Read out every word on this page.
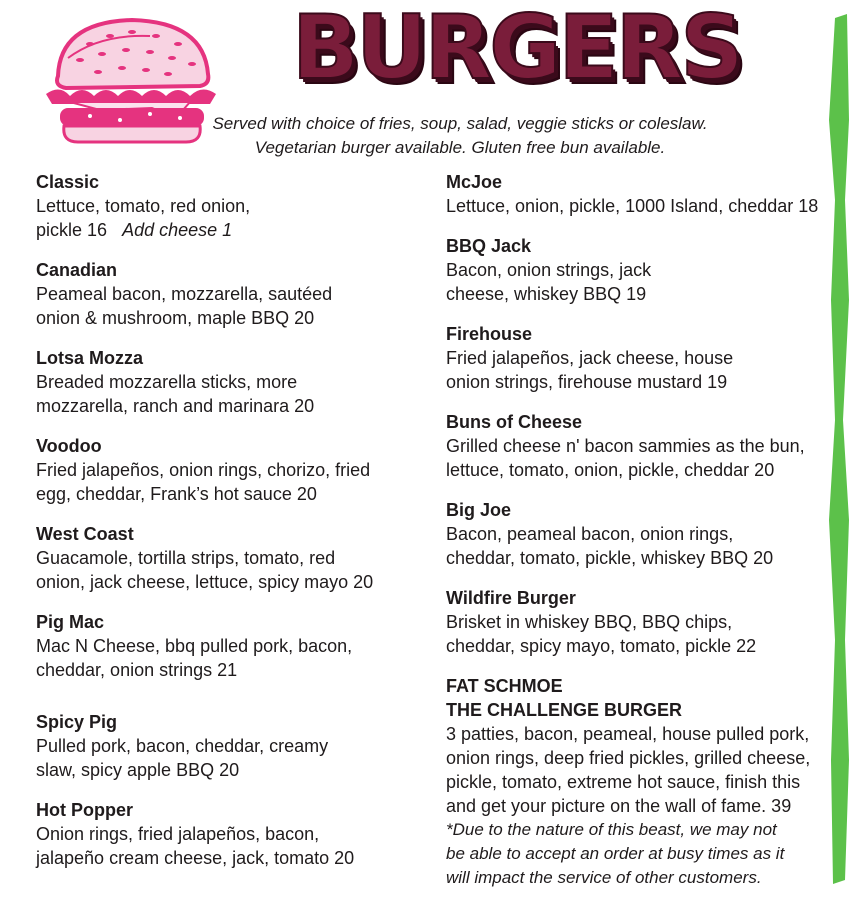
BURGERS
Served with choice of fries, soup, salad, veggie sticks or coleslaw.
Vegetarian burger available. Gluten free bun available.
Classic
Lettuce, tomato, red onion,
pickle 16 Add cheese 1
Canadian
Peameal bacon, mozzarella, sautéed
onion & mushroom, maple BBQ 20
Lotsa Mozza
Breaded mozzarella sticks, more
mozzarella, ranch and marinara 20
Voodoo
Fried jalapeños, onion rings, chorizo, fried
egg, cheddar, Frank’s hot sauce 20
West Coast
Guacamole, tortilla strips, tomato, red
onion, jack cheese, lettuce, spicy mayo 20
Pig Mac
Mac N Cheese, bbq pulled pork, bacon,
cheddar, onion strings 21
Spicy Pig
Pulled pork, bacon, cheddar, creamy
slaw, spicy apple BBQ 20
Hot Popper
Onion rings, fried jalapeños, bacon,
jalapeño cream cheese, jack, tomato 20
McJoe
Lettuce, onion, pickle, 1000 Island, cheddar 18
BBQ Jack
Bacon, onion strings, jack
cheese, whiskey BBQ 19
Firehouse
Fried jalapeños, jack cheese, house
onion strings, firehouse mustard 19
Buns of Cheese
Grilled cheese n' bacon sammies as the bun,
lettuce, tomato, onion, pickle, cheddar 20
Big Joe
Bacon, peameal bacon, onion rings,
cheddar, tomato, pickle, whiskey BBQ 20
Wildfire Burger
Brisket in whiskey BBQ, BBQ chips,
cheddar, spicy mayo, tomato, pickle 22
FAT SCHMOE
THE CHALLENGE BURGER
3 patties, bacon, peameal, house pulled pork,
onion rings, deep fried pickles, grilled cheese,
pickle, tomato, extreme hot sauce, finish this
and get your picture on the wall of fame. 39
*Due to the nature of this beast, we may not
be able to accept an order at busy times as it
will impact the service of other customers.
